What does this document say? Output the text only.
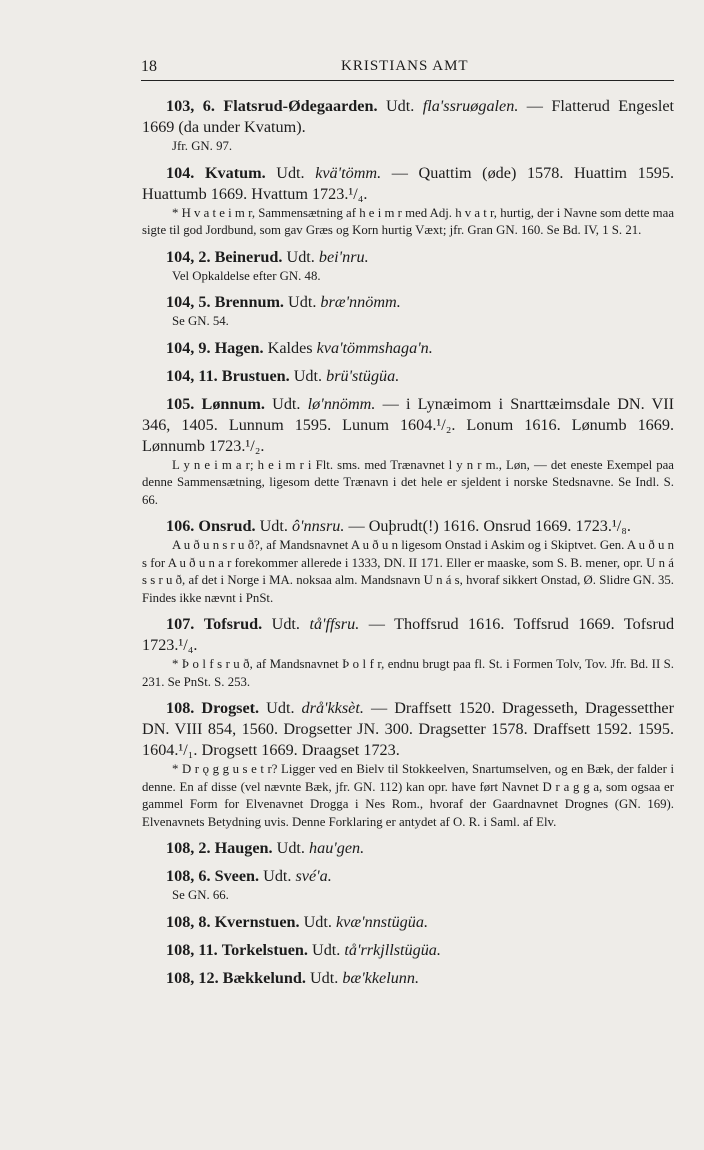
18	KRISTIANS AMT

103, 6. Flatsrud-Ødegaarden. Udt. fla'ssruøgalen. — Flatterud Engeslet 1669 (da under Kvatum).

Jfr. GN. 97.

104. Kvatum. Udt. kvä'tömm. — Quattim (øde) 1578. Huattim 1595. Huattumb 1669. Hvattum 1723.¹/₄.

* H v a t e i m r, Sammensætning af h e i m r med Adj. h v a t r, hurtig, der i Navne som dette maa sigte til god Jordbund, som gav Græs og Korn hurtig Væxt; jfr. Gran GN. 160. Se Bd. IV, 1 S. 21.

104, 2. Beinerud. Udt. bei'nru.

Vel Opkaldelse efter GN. 48.

104, 5. Brennum. Udt. bræ'nnömm.

Se GN. 54.

104, 9. Hagen. Kaldes kva'tömmshaga'n.

104, 11. Brustuen. Udt. brü'stügüa.

105. Lønnum. Udt. lø'nnömm. — i Lynæimom i Snarttæimsdale DN. VII 346, 1405. Lunnum 1595. Lunum 1604.¹/₂. Lonum 1616. Lønumb 1669. Lønnumb 1723.¹/₂.

L y n e i m a r; h e i m r i Flt. sms. med Trænavnet l y n r m., Løn, — det eneste Exempel paa denne Sammensætning, ligesom dette Trænavn i det hele er sjeldent i norske Stedsnavne. Se Indl. S. 66.

106. Onsrud. Udt. ô'nnsru. — Ouþrudt(!) 1616. Onsrud 1669. 1723.¹/₈.

A u ð u n s r u ð?, af Mandsnavnet A u ð u n ligesom Onstad i Askim og i Skiptvet. Gen. A u ð u n s for A u ð u n a r forekommer allerede i 1333, DN. II 171. Eller er maaske, som S. B. mener, opr. U n á s s r u ð, af det i Norge i MA. noksaa alm. Mandsnavn U n á s, hvoraf sikkert Onstad, Ø. Slidre GN. 35. Findes ikke nævnt i PnSt.

107. Tofsrud. Udt. tå'ffsru. — Thoffsrud 1616. Toffsrud 1669. Tofsrud 1723.¹/₄.

* Þ o l f s r u ð, af Mandsnavnet Þ o l f r, endnu brugt paa fl. St. i Formen Tolv, Tov. Jfr. Bd. II S. 231. Se PnSt. S. 253.

108. Drogset. Udt. drå'kksèt. — Draffsett 1520. Dragesseth, Dragessetther DN. VIII 854, 1560. Drogsetter JN. 300. Dragsetter 1578. Draffsett 1592. 1595. 1604.¹/₁. Drogsett 1669. Draagset 1723.

* D r ǫ g g u s e t r? Ligger ved en Bielv til Stokkeelven, Snartumselven, og en Bæk, der falder i denne. En af disse (vel nævnte Bæk, jfr. GN. 112) kan opr. have ført Navnet D r a g g a, som ogsaa er gammel Form for Elvenavnet Drogga i Nes Rom., hvoraf der Gaardnavnet Drognes (GN. 169). Elvenavnets Betydning uvis. Denne Forklaring er antydet af O. R. i Saml. af Elv.

108, 2. Haugen. Udt. hau'gen.

108, 6. Sveen. Udt. své'a.

Se GN. 66.

108, 8. Kvernstuen. Udt. kvæ'nnstügüa.

108, 11. Torkelstuen. Udt. tå'rrkjllstügüa.

108, 12. Bækkelund. Udt. bæ'kkelunn.
